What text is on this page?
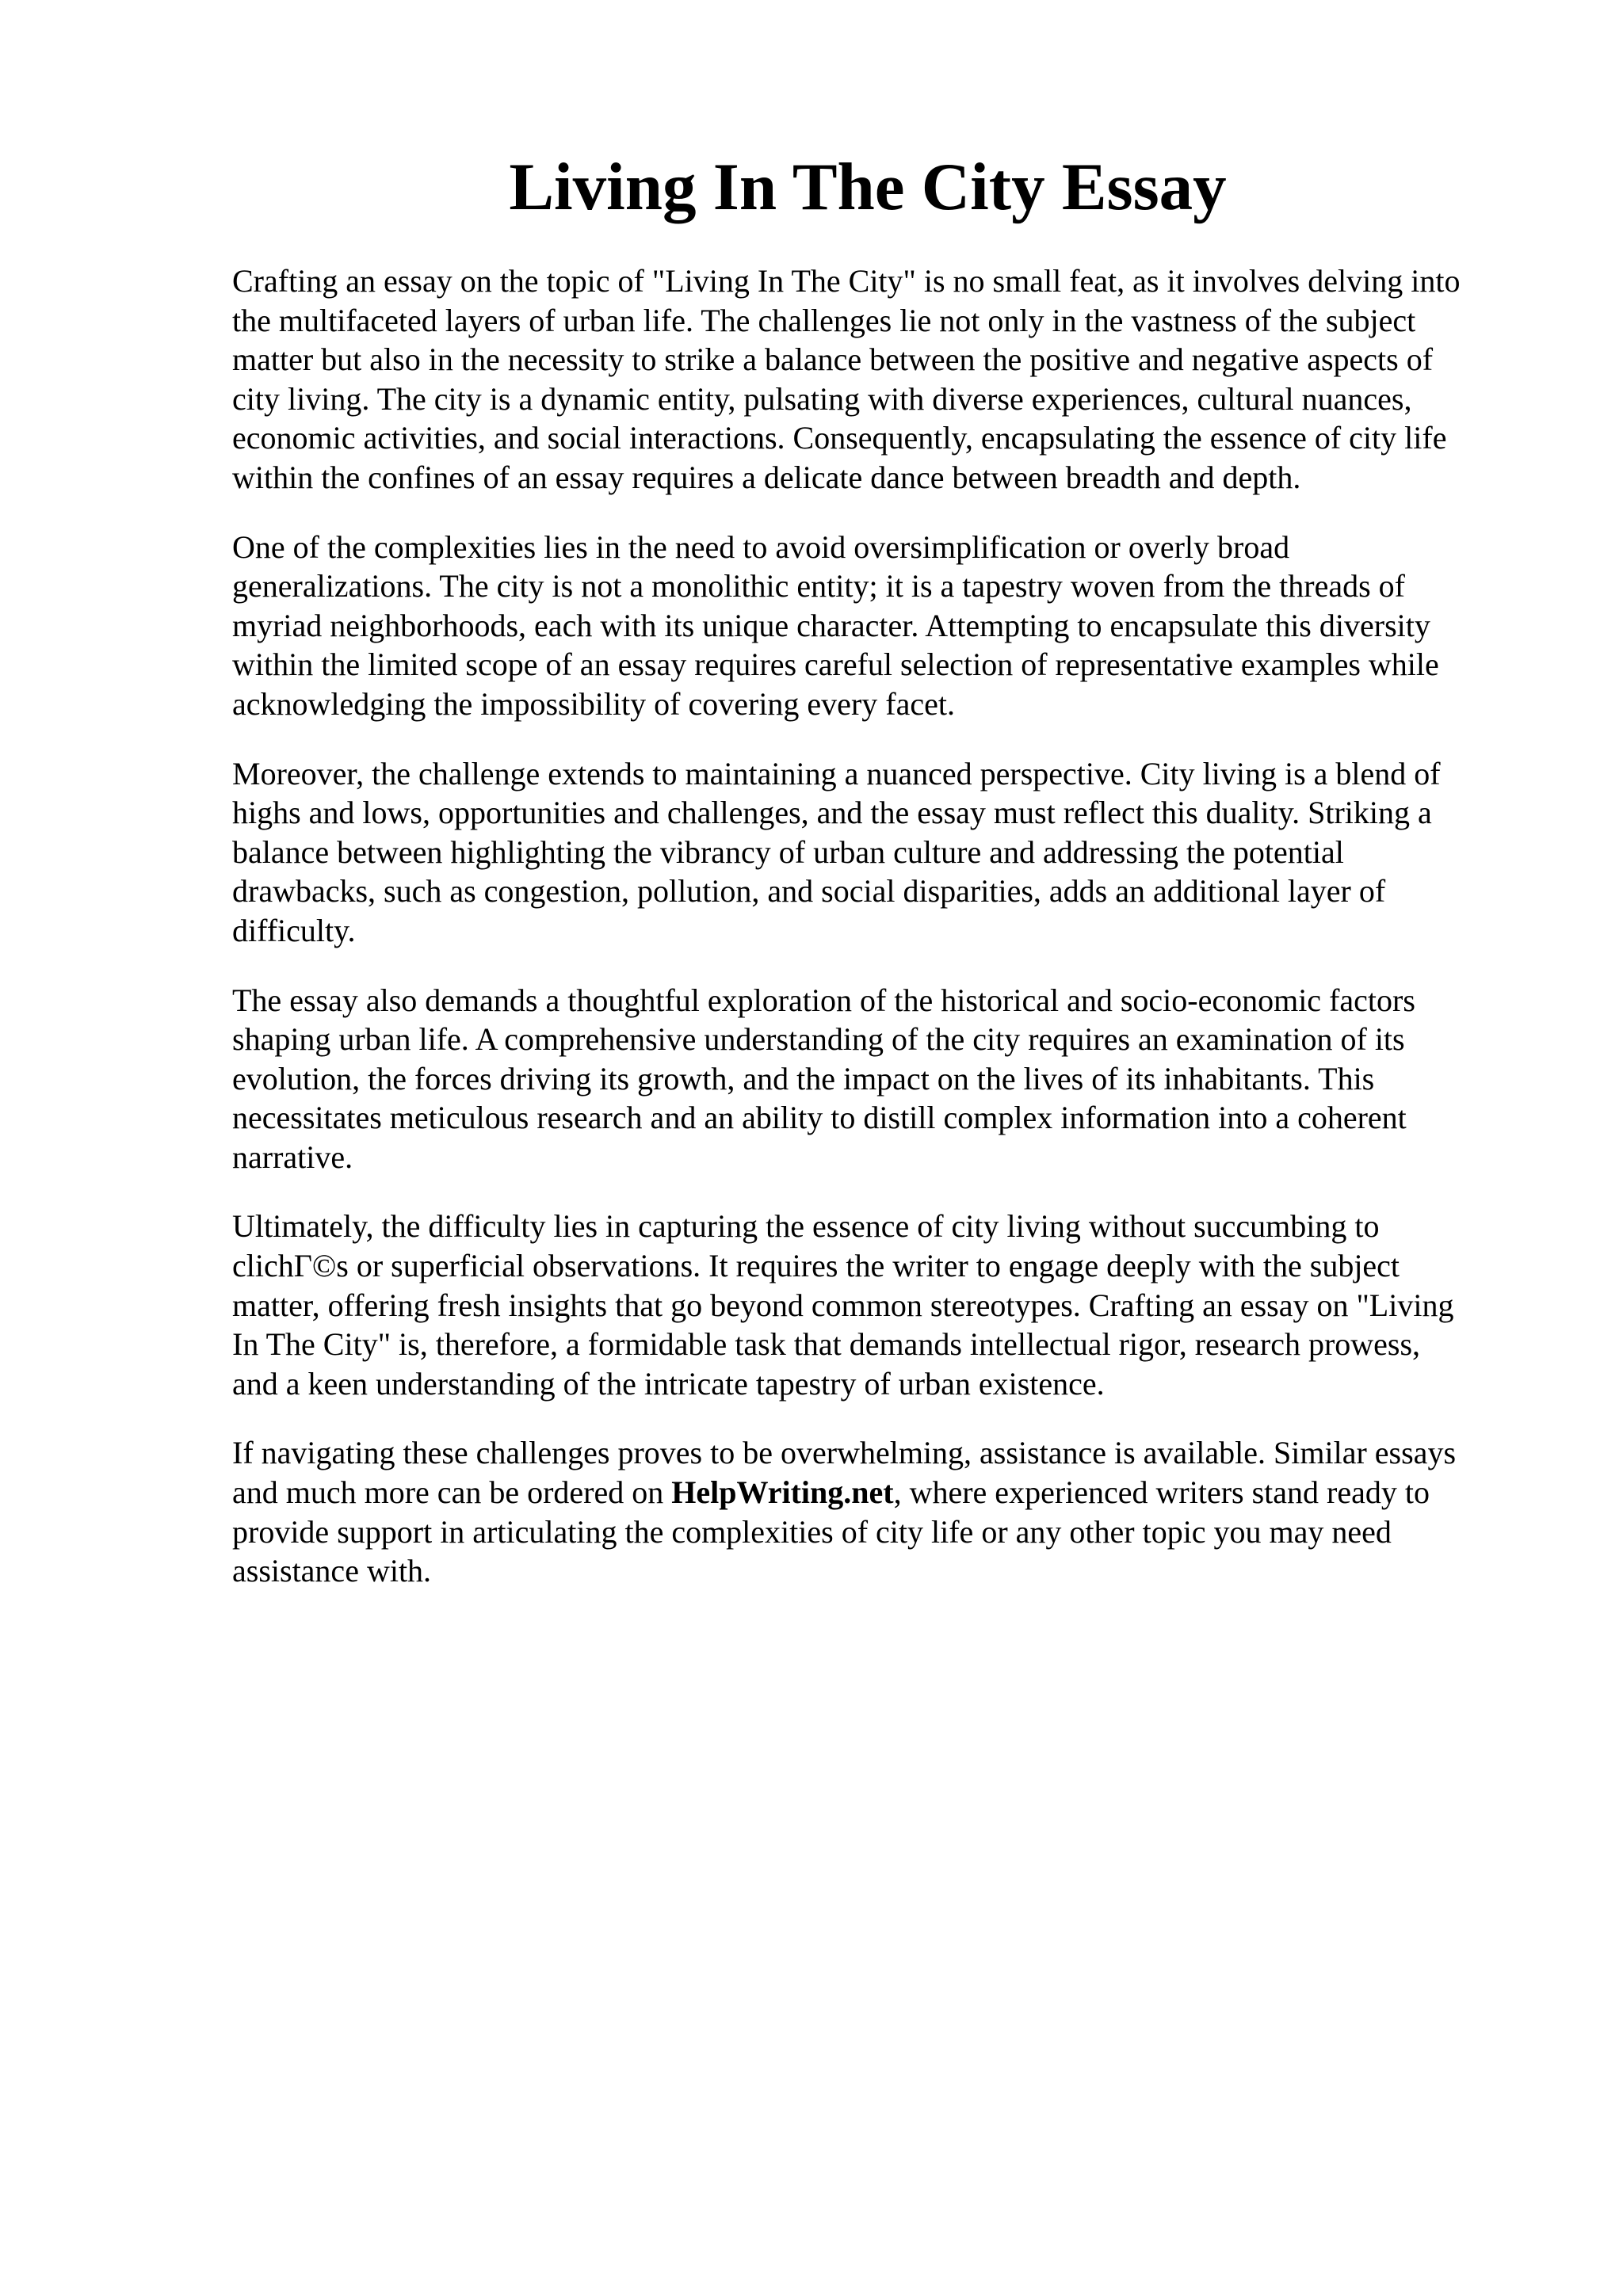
Living In The City Essay

Crafting an essay on the topic of "Living In The City" is no small feat, as it involves delving into
the multifaceted layers of urban life. The challenges lie not only in the vastness of the subject
matter but also in the necessity to strike a balance between the positive and negative aspects of
city living. The city is a dynamic entity, pulsating with diverse experiences, cultural nuances,
economic activities, and social interactions. Consequently, encapsulating the essence of city life
within the confines of an essay requires a delicate dance between breadth and depth.

One of the complexities lies in the need to avoid oversimplification or overly broad
generalizations. The city is not a monolithic entity; it is a tapestry woven from the threads of
myriad neighborhoods, each with its unique character. Attempting to encapsulate this diversity
within the limited scope of an essay requires careful selection of representative examples while
acknowledging the impossibility of covering every facet.

Moreover, the challenge extends to maintaining a nuanced perspective. City living is a blend of
highs and lows, opportunities and challenges, and the essay must reflect this duality. Striking a
balance between highlighting the vibrancy of urban culture and addressing the potential
drawbacks, such as congestion, pollution, and social disparities, adds an additional layer of
difficulty.

The essay also demands a thoughtful exploration of the historical and socio-economic factors
shaping urban life. A comprehensive understanding of the city requires an examination of its
evolution, the forces driving its growth, and the impact on the lives of its inhabitants. This
necessitates meticulous research and an ability to distill complex information into a coherent
narrative.

Ultimately, the difficulty lies in capturing the essence of city living without succumbing to
clichΓ©s or superficial observations. It requires the writer to engage deeply with the subject
matter, offering fresh insights that go beyond common stereotypes. Crafting an essay on "Living
In The City" is, therefore, a formidable task that demands intellectual rigor, research prowess,
and a keen understanding of the intricate tapestry of urban existence.

If navigating these challenges proves to be overwhelming, assistance is available. Similar essays
and much more can be ordered on HelpWriting.net, where experienced writers stand ready to
provide support in articulating the complexities of city life or any other topic you may need
assistance with.
